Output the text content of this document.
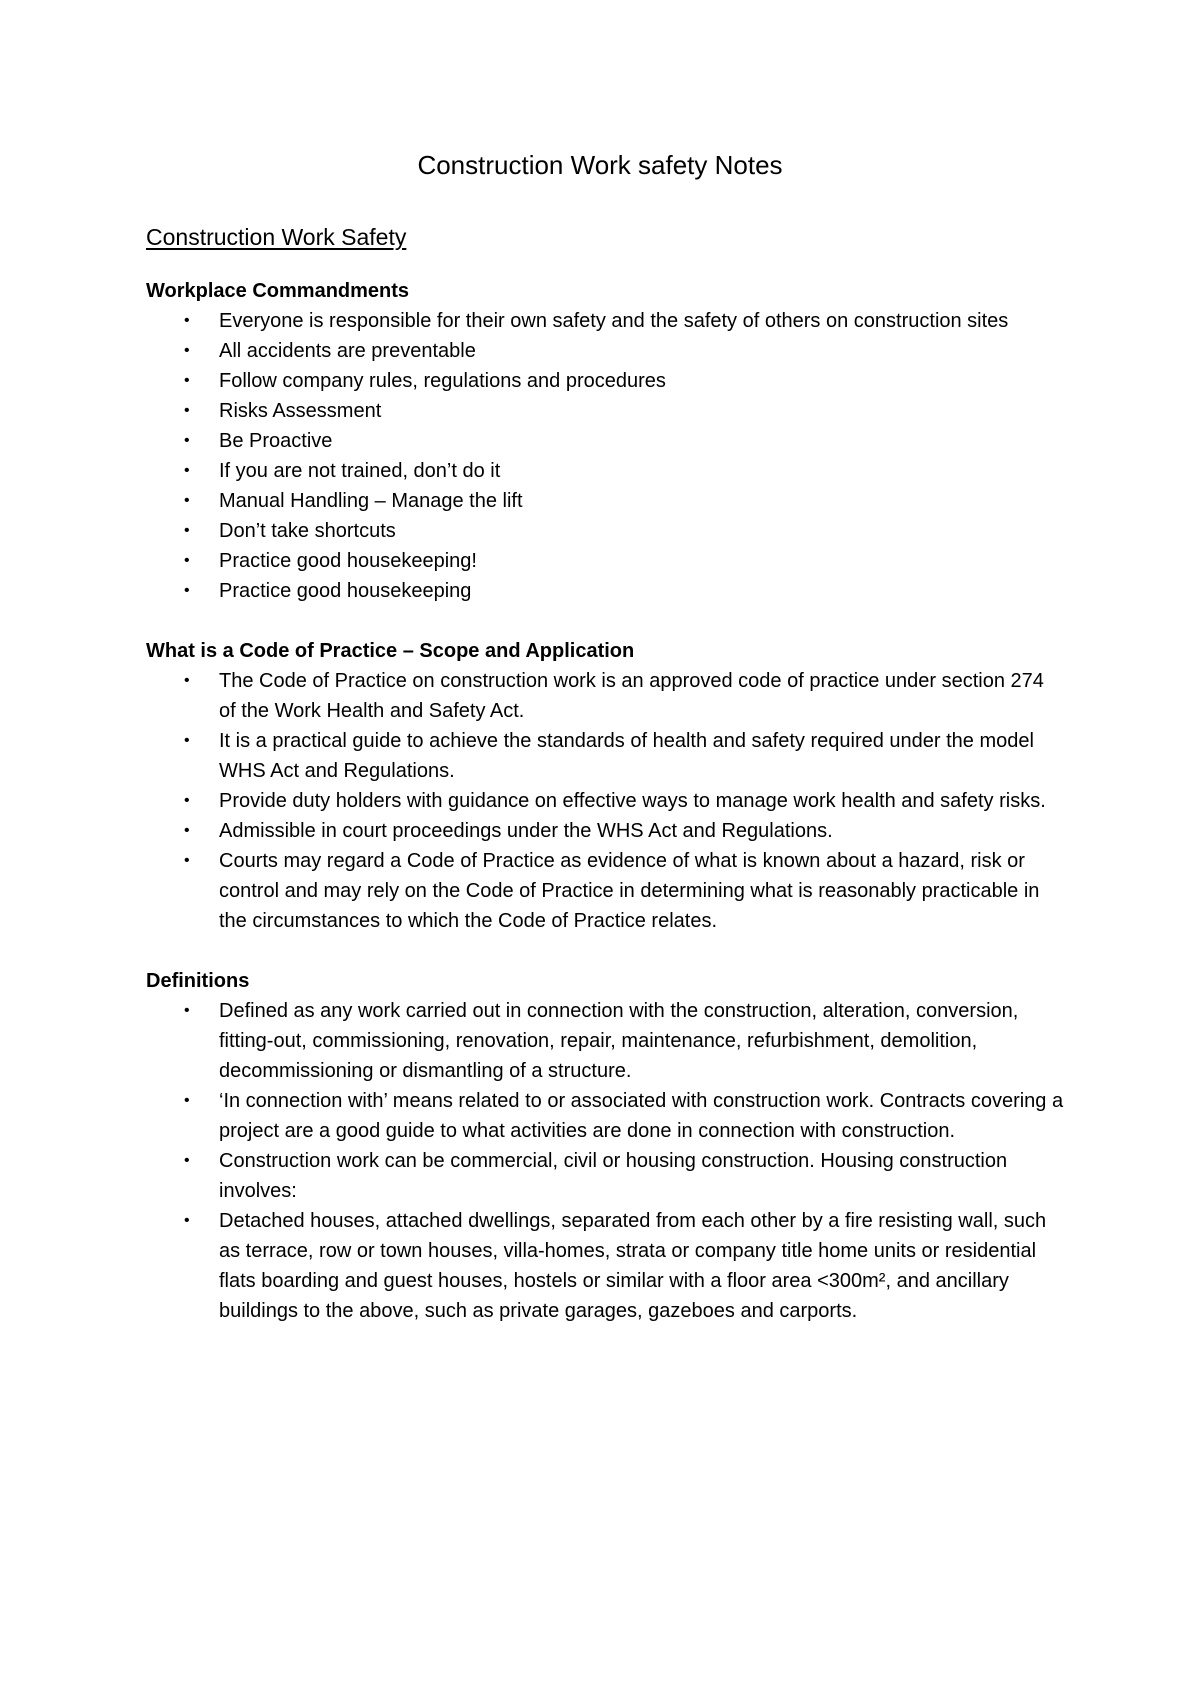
Construction Work safety Notes
Construction Work Safety
Workplace Commandments
• Everyone is responsible for their own safety and the safety of others on construction sites
• All accidents are preventable
• Follow company rules, regulations and procedures
• Risks Assessment
• Be Proactive
• If you are not trained, don’t do it
• Manual Handling – Manage the lift
• Don’t take shortcuts
• Practice good housekeeping!
• Practice good housekeeping
What is a Code of Practice – Scope and Application
• The Code of Practice on construction work is an approved code of practice under section 274 of the Work Health and Safety Act.
• It is a practical guide to achieve the standards of health and safety required under the model WHS Act and Regulations.
• Provide duty holders with guidance on effective ways to manage work health and safety risks.
• Admissible in court proceedings under the WHS Act and Regulations.
• Courts may regard a Code of Practice as evidence of what is known about a hazard, risk or control and may rely on the Code of Practice in determining what is reasonably practicable in the circumstances to which the Code of Practice relates.
Definitions
• Defined as any work carried out in connection with the construction, alteration, conversion, fitting-out, commissioning, renovation, repair, maintenance, refurbishment, demolition, decommissioning or dismantling of a structure.
• ‘In connection with’ means related to or associated with construction work. Contracts covering a project are a good guide to what activities are done in connection with construction.
• Construction work can be commercial, civil or housing construction. Housing construction involves:
• Detached houses, attached dwellings, separated from each other by a fire resisting wall, such as terrace, row or town houses, villa-homes, strata or company title home units or residential flats boarding and guest houses, hostels or similar with a floor area <300m², and ancillary buildings to the above, such as private garages, gazeboes and carports.
